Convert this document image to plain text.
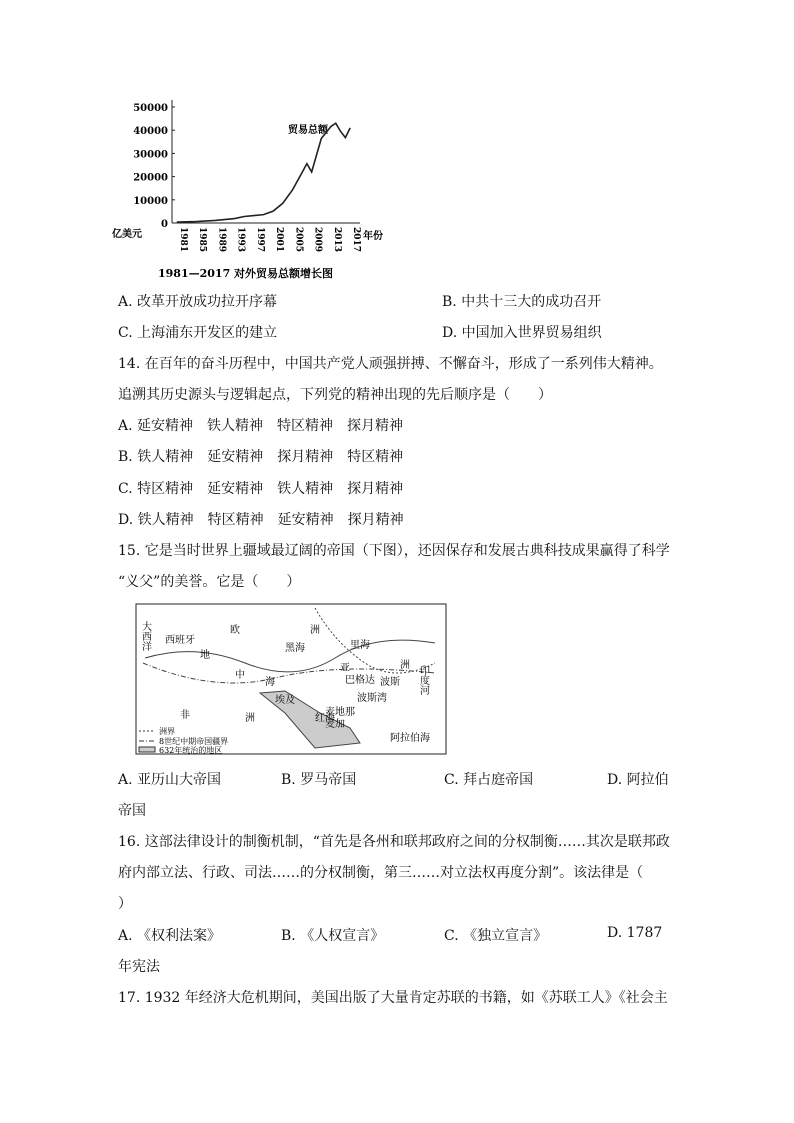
50000
40000
30000
20000
10000
0
1981 1985 1989 1993 1997 2001 2005 2009 2013 2017
亿美元	年份
贸易总额
1981—2017 对外贸易总额增长图
A. 改革开放成功拉开序幕	B. 中共十三大的成功召开
C. 上海浦东开发区的建立	D. 中国加入世界贸易组织
14. 在百年的奋斗历程中，中国共产党人顽强拼搏、不懈奋斗，形成了一系列伟大精神。
追溯其历史源头与逻辑起点，下列党的精神出现的先后顺序是（　　）
A. 延安精神　铁人精神　特区精神　探月精神
B. 铁人精神　延安精神　探月精神　特区精神
C. 特区精神　延安精神　铁人精神　探月精神
D. 铁人精神　特区精神　延安精神　探月精神
15. 它是当时世界上疆域最辽阔的帝国（下图），还因保存和发展古典科技成果赢得了科学
“义父”的美誉。它是（　　）
大西洋 西班牙
地
中
海
欧	洲
黑海	里海
亚	洲
巴格达 波斯 印度河
埃及
红海
麦地那
麦加
非	洲
阿拉伯海
波斯湾
洲界
8世纪中期帝国疆界
632年统治的地区
A. 亚历山大帝国	B. 罗马帝国	C. 拜占庭帝国	D. 阿拉伯
帝国
16. 这部法律设计的制衡机制，“首先是各州和联邦政府之间的分权制衡……其次是联邦政
府内部立法、行政、司法……的分权制衡，第三……对立法权再度分割”。该法律是（
）
A. 《权利法案》	B. 《人权宣言》	C. 《独立宣言》	D. 1787
年宪法
17. 1932 年经济大危机期间，美国出版了大量肯定苏联的书籍，如《苏联工人》《社会主
